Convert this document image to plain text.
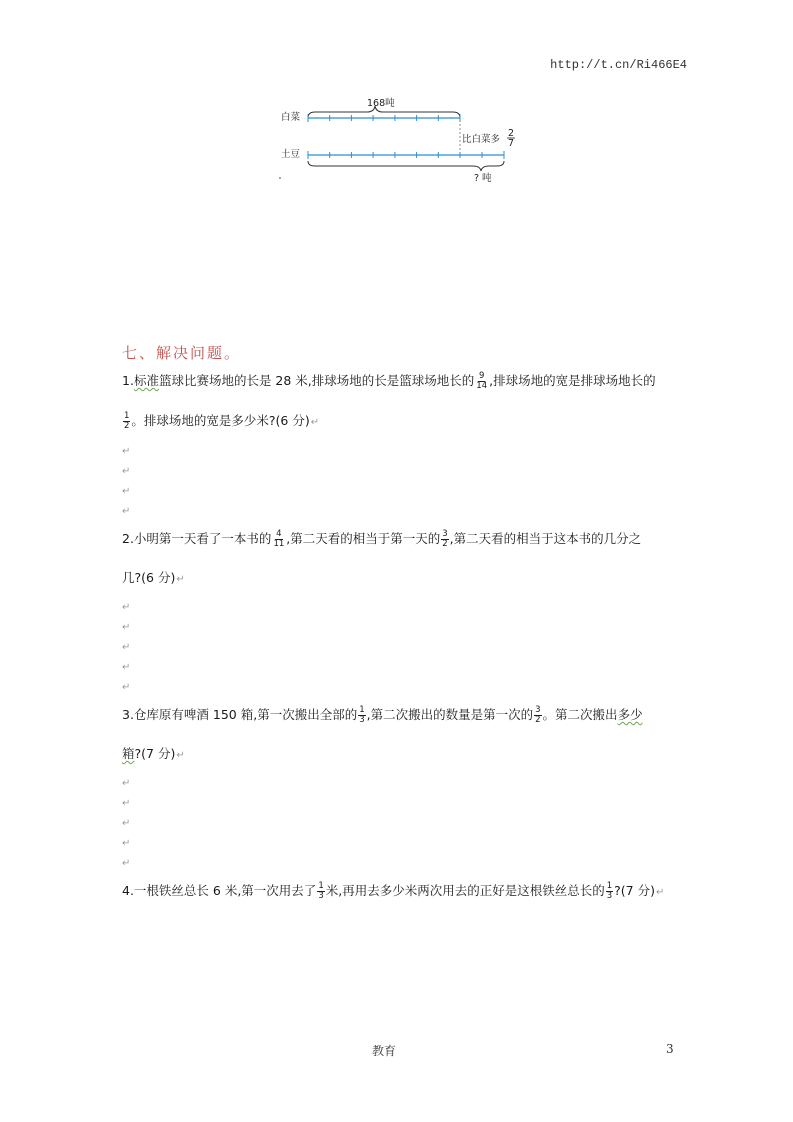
http://t.cn/Ri466E4
168吨
白菜
土豆
比白菜多
2
7
? 吨
七、解决问题。
1.标准篮球比赛场地的长是 28 米,排球场地的长是篮球场地长的 $\frac{9}{14}$ ,排球场地的宽是排球场地长的
$\frac{1}{2}$ 。排球场地的宽是多少米?(6 分)↵
↵
↵
↵
↵
2.小明第一天看了一本书的 $\frac{4}{11}$ ,第二天看的相当于第一天的 $\frac{3}{2}$ ,第二天看的相当于这本书的几分之
几?(6 分)↵
↵
↵
↵
↵
↵
3.仓库原有啤酒 150 箱,第一次搬出全部的 $\frac{1}{3}$ ,第二次搬出的数量是第一次的 $\frac{3}{2}$ 。第二次搬出多少
箱?(7 分)↵
↵
↵
↵
↵
↵
4.一根铁丝总长 6 米,第一次用去了 $\frac{1}{3}$ 米,再用去多少米两次用去的正好是这根铁丝总长的 $\frac{1}{3}$ ?(7 分)↵
教育	3
